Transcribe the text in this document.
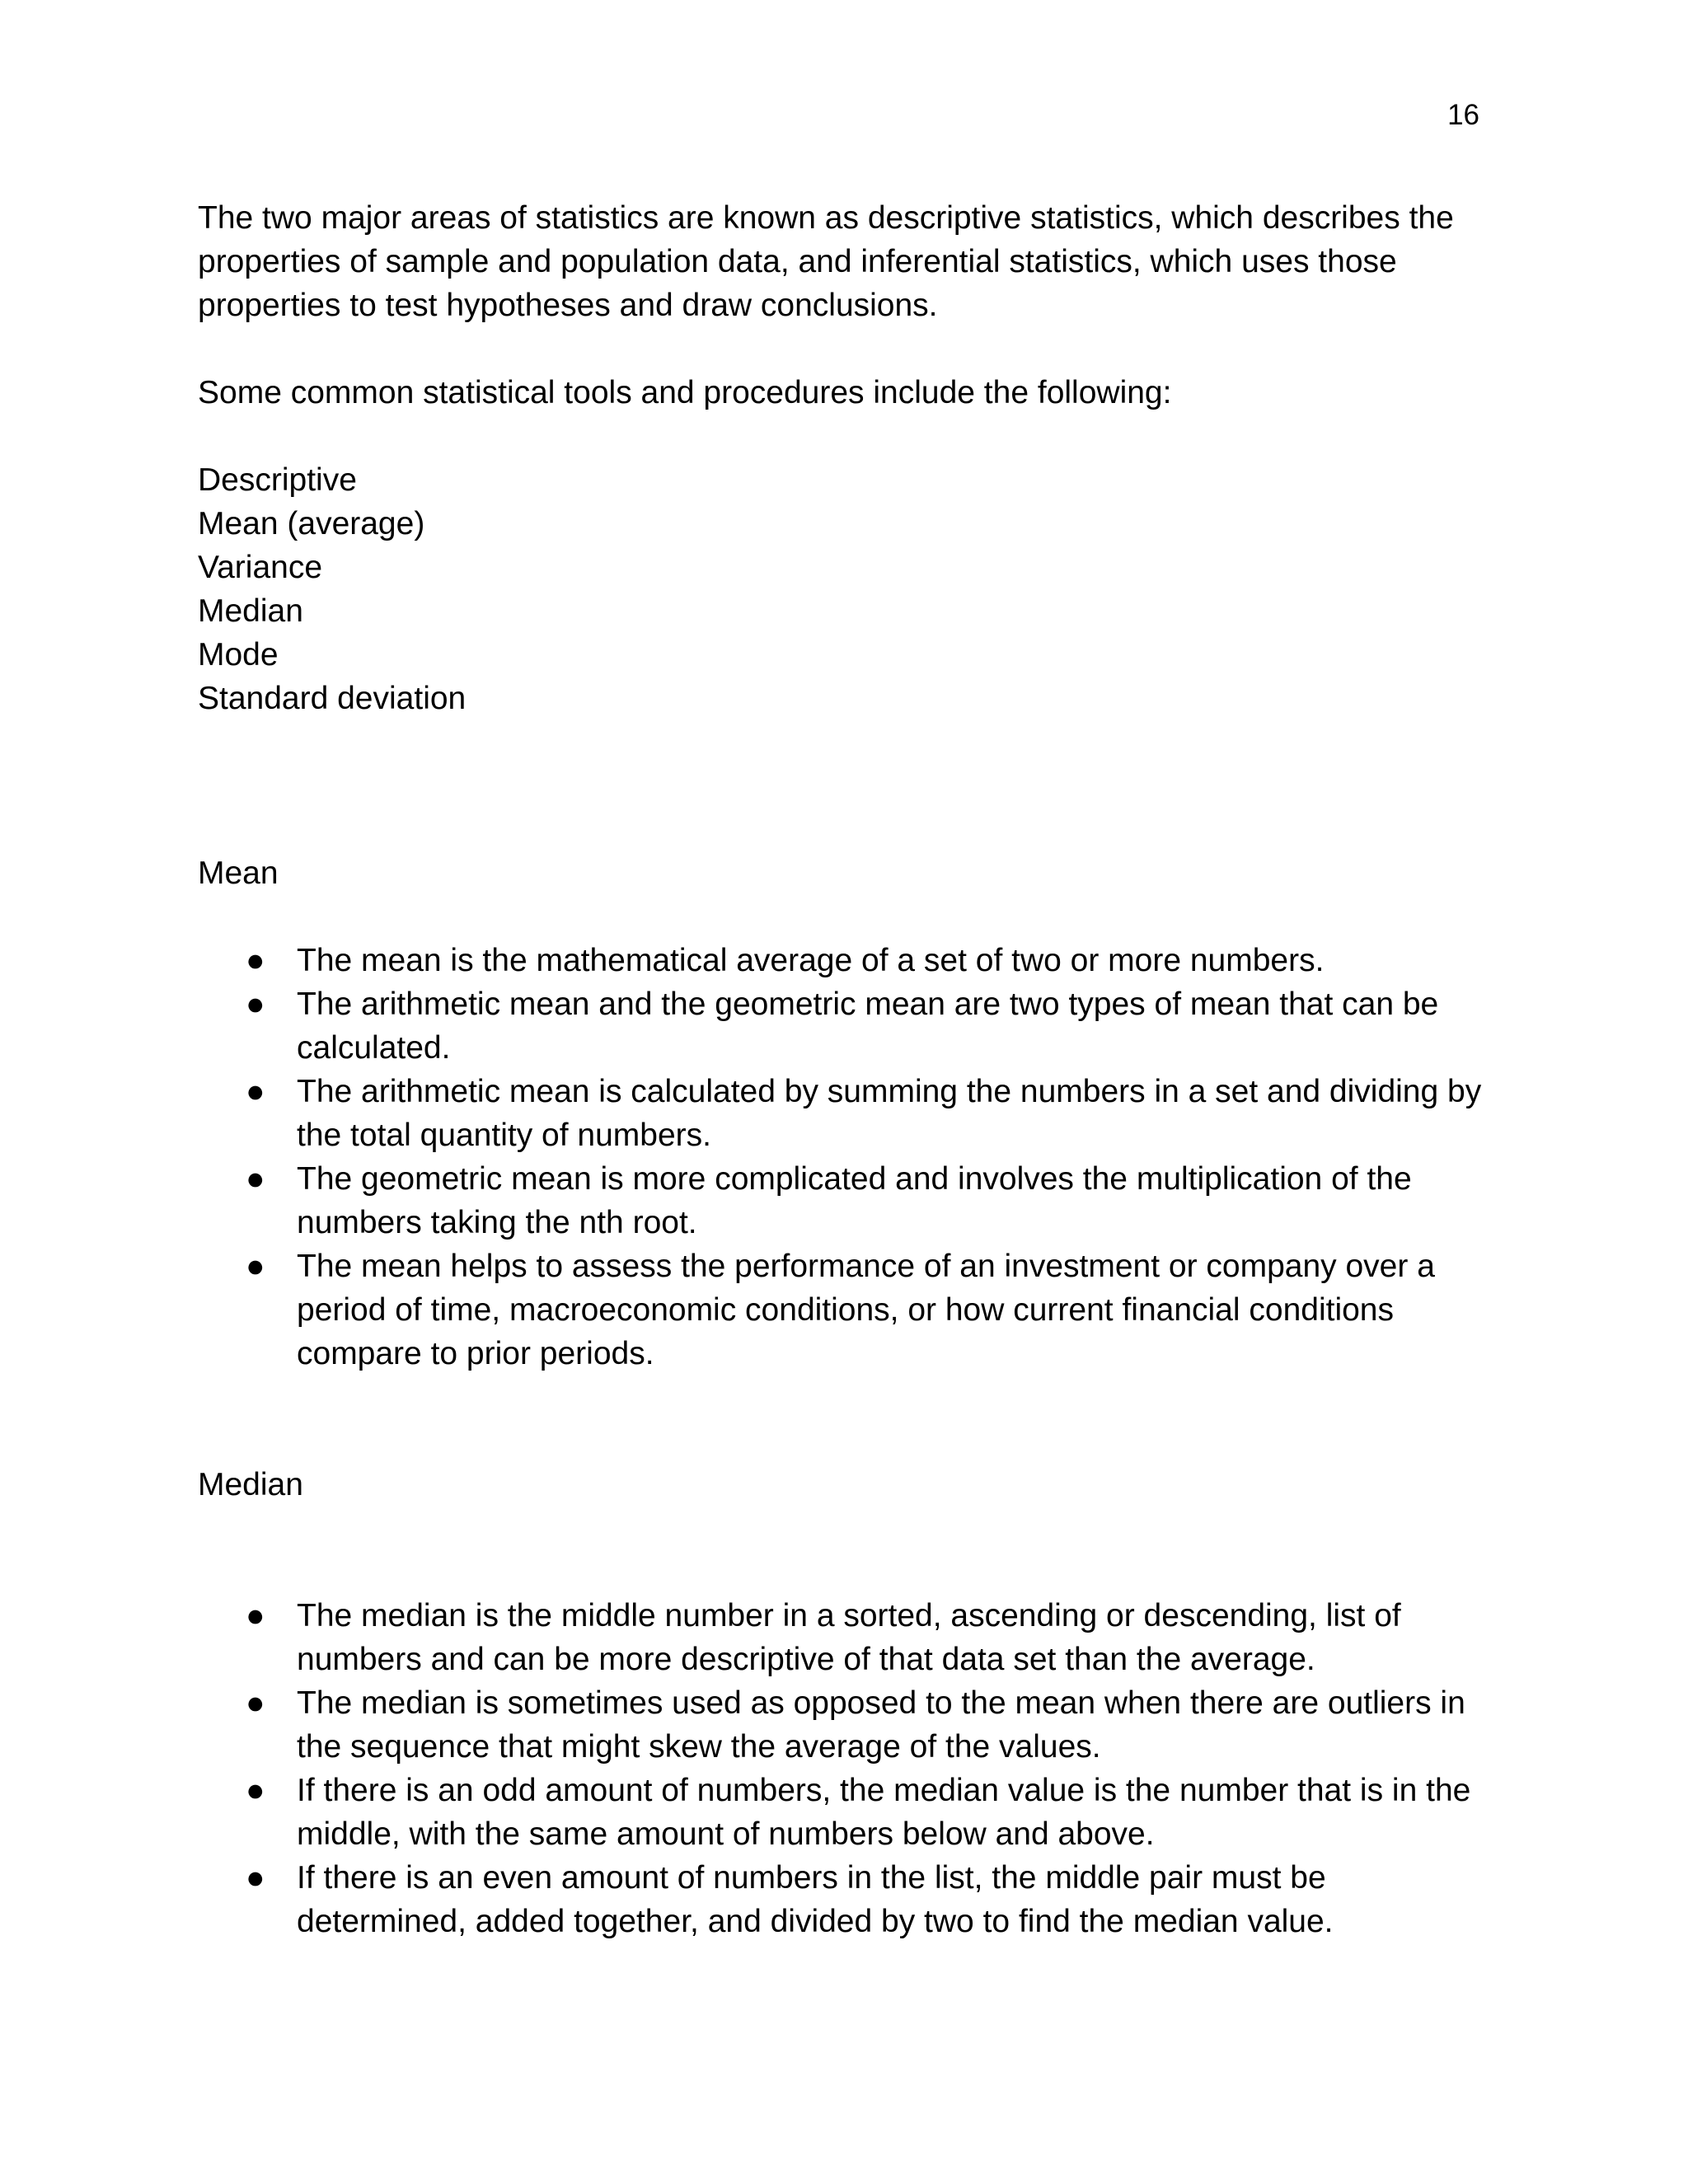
16

The two major areas of statistics are known as descriptive statistics, which describes the properties of sample and population data, and inferential statistics, which uses those properties to test hypotheses and draw conclusions.

Some common statistical tools and procedures include the following:

Descriptive

Mean (average)
Variance
Median
Mode
Standard deviation

Mean

● The mean is the mathematical average of a set of two or more numbers.
● The arithmetic mean and the geometric mean are two types of mean that can be calculated.
● The arithmetic mean is calculated by summing the numbers in a set and dividing by the total quantity of numbers.
● The geometric mean is more complicated and involves the multiplication of the numbers taking the nth root.
● The mean helps to assess the performance of an investment or company over a period of time, macroeconomic conditions, or how current financial conditions compare to prior periods.

Median

● The median is the middle number in a sorted, ascending or descending, list of numbers and can be more descriptive of that data set than the average.
● The median is sometimes used as opposed to the mean when there are outliers in the sequence that might skew the average of the values.
● If there is an odd amount of numbers, the median value is the number that is in the middle, with the same amount of numbers below and above.
● If there is an even amount of numbers in the list, the middle pair must be determined, added together, and divided by two to find the median value.
